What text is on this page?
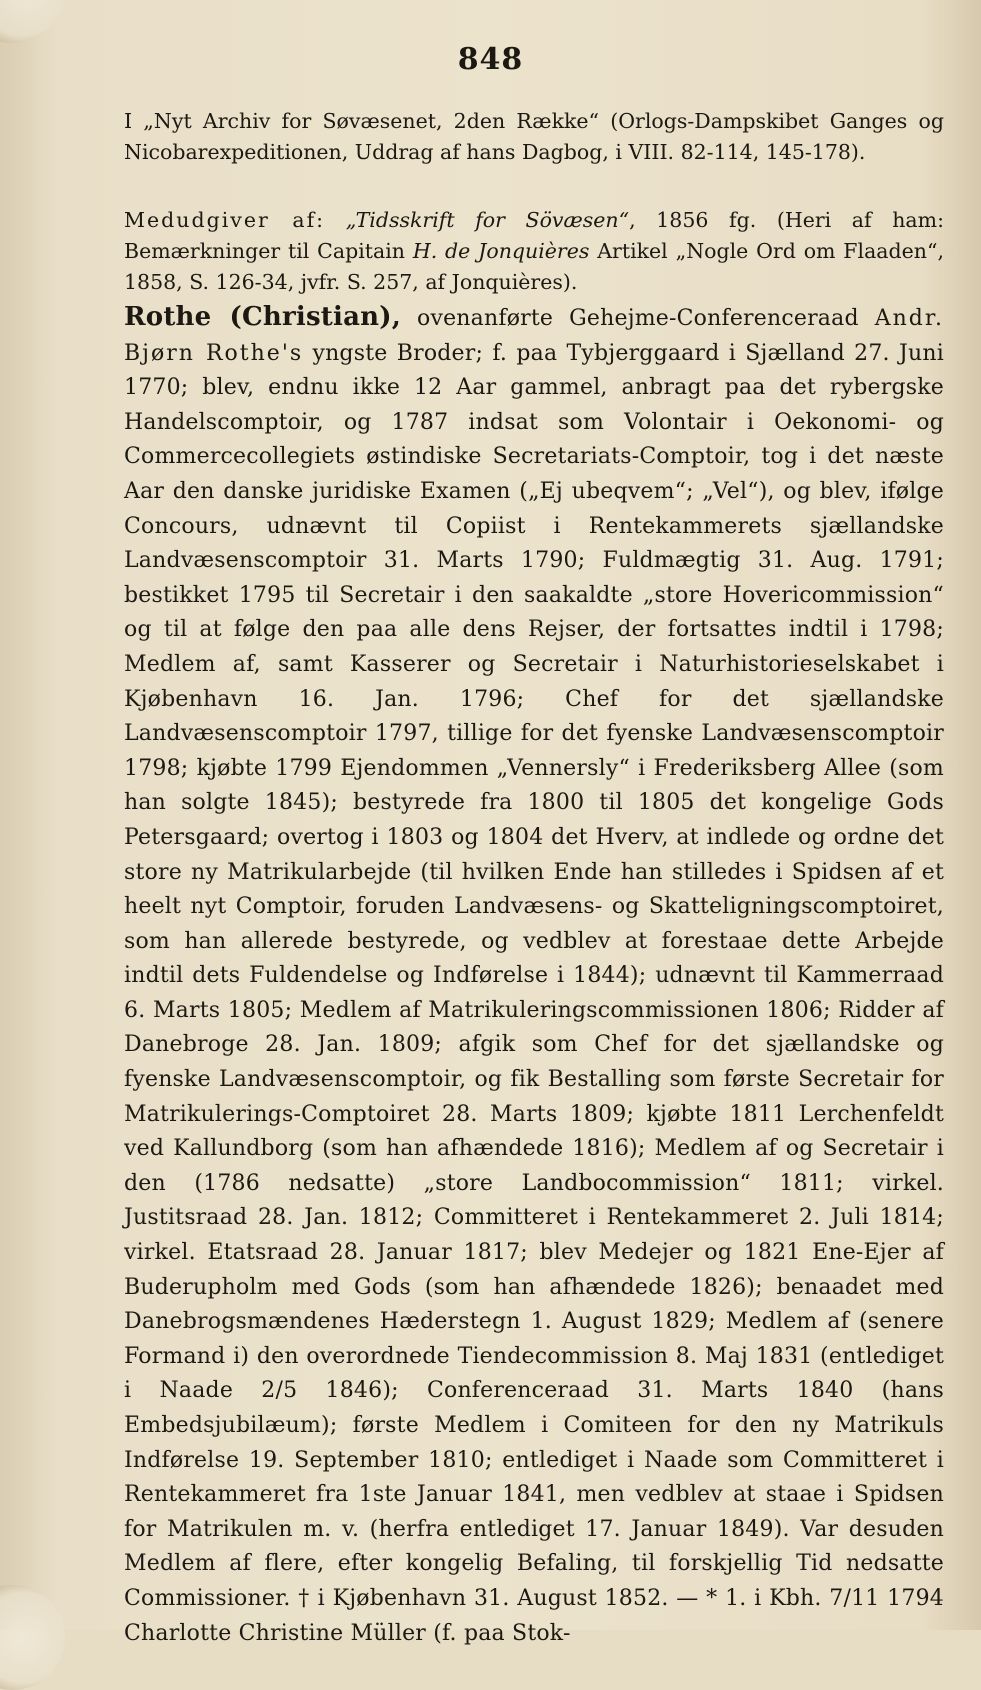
848
I „Nyt Archiv for Søvæsenet, 2den Række“ (Orlogs-Dampskibet Ganges og Nicobarexpeditionen, Uddrag af hans Dagbog, i VIII. 82-114, 145-178).
Medudgiver af: „Tidsskrift for Sövæsen“, 1856 fg. (Heri af ham: Bemærkninger til Capitain H. de Jonquières Artikel „Nogle Ord om Flaaden“, 1858, S. 126-34, jvfr. S. 257, af Jonquières).
Rothe (Christian), ovenanførte Gehejme-Conferenceraad Andr. Bjørn Rothe's yngste Broder; f. paa Tybjerggaard i Sjælland 27. Juni 1770; blev, endnu ikke 12 Aar gammel, anbragt paa det rybergske Handelscomptoir, og 1787 indsat som Volontair i Oekonomi- og Commercecollegiets østindiske Secretariats-Comptoir, tog i det næste Aar den danske juridiske Examen („Ej ubeqvem“; „Vel“), og blev, ifølge Concours, udnævnt til Copiist i Rentekammerets sjællandske Landvæsenscomptoir 31. Marts 1790; Fuldmægtig 31. Aug. 1791; bestikket 1795 til Secretair i den saakaldte „store Hovericommission“ og til at følge den paa alle dens Rejser, der fortsattes indtil i 1798; Medlem af, samt Kasserer og Secretair i Naturhistorieselskabet i Kjøbenhavn 16. Jan. 1796; Chef for det sjællandske Landvæsenscomptoir 1797, tillige for det fyenske Landvæsenscomptoir 1798; kjøbte 1799 Ejendommen „Vennersly“ i Frederiksberg Allee (som han solgte 1845); bestyrede fra 1800 til 1805 det kongelige Gods Petersgaard; overtog i 1803 og 1804 det Hverv, at indlede og ordne det store ny Matrikularbejde (til hvilken Ende han stilledes i Spidsen af et heelt nyt Comptoir, foruden Landvæsens- og Skatteligningscomptoiret, som han allerede bestyrede, og vedblev at forestaae dette Arbejde indtil dets Fuldendelse og Indførelse i 1844); udnævnt til Kammerraad 6. Marts 1805; Medlem af Matrikuleringscommissionen 1806; Ridder af Danebroge 28. Jan. 1809; afgik som Chef for det sjællandske og fyenske Landvæsenscomptoir, og fik Bestalling som første Secretair for Matrikulerings-Comptoiret 28. Marts 1809; kjøbte 1811 Lerchenfeldt ved Kallundborg (som han afhændede 1816); Medlem af og Secretair i den (1786 nedsatte) „store Landbocommission“ 1811; virkel. Justitsraad 28. Jan. 1812; Committeret i Rentekammeret 2. Juli 1814; virkel. Etatsraad 28. Januar 1817; blev Medejer og 1821 Ene-Ejer af Buderupholm med Gods (som han afhændede 1826); benaadet med Danebrogsmændenes Hæderstegn 1. August 1829; Medlem af (senere Formand i) den overordnede Tiendecommission 8. Maj 1831 (entlediget i Naade 2/5 1846); Conferenceraad 31. Marts 1840 (hans Embedsjubilæum); første Medlem i Comiteen for den ny Matrikuls Indførelse 19. September 1810; entlediget i Naade som Committeret i Rentekammeret fra 1ste Januar 1841, men vedblev at staae i Spidsen for Matrikulen m. v. (herfra entlediget 17. Januar 1849). Var desuden Medlem af flere, efter kongelig Befaling, til forskjellig Tid nedsatte Commissioner. † i Kjøbenhavn 31. August 1852. — * 1. i Kbh. 7/11 1794 Charlotte Christine Müller (f. paa Stok-
